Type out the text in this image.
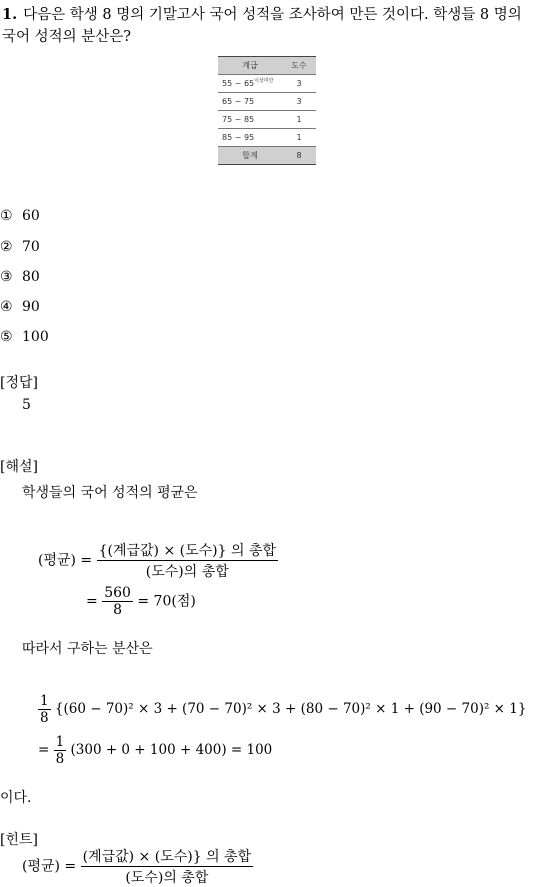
1. 다음은 학생 8 명의 기말고사 국어 성적을 조사하여 만든 것이다. 학생들 8 명의 국어 성적의 분산은?
계급	도수
55 ~ $65^{이상미만}$	3
65 ~ 75	3
75 ~ 85	1
85 ~ 95	1
합계	8
① 60
② 70
③ 80
④ 90
⑤ 100
[정답]
5
[해설]
학생들의 국어 성적의 평균은
(평균) = $\frac{\text{\{(계급값) × (도수)\} 의 총합}}{\text{(도수)의 총합}}$
= $\frac{560}{8} = 70$(점)
따라서 구하는 분산은
$\frac{1}{8} \{(60 - 70)^2 \times 3 + (70 - 70)^2 \times 3 + (80 - 70)^2 \times 1 + (90 - 70)^2 \times 1\}$
= $\frac{1}{8} (300 + 0 + 100 + 400) = 100$
이다.
[힌트]
(평균) = $\frac{\text{(계급값) × (도수)\} 의 총합}}{\text{(도수)의 총합}}$
